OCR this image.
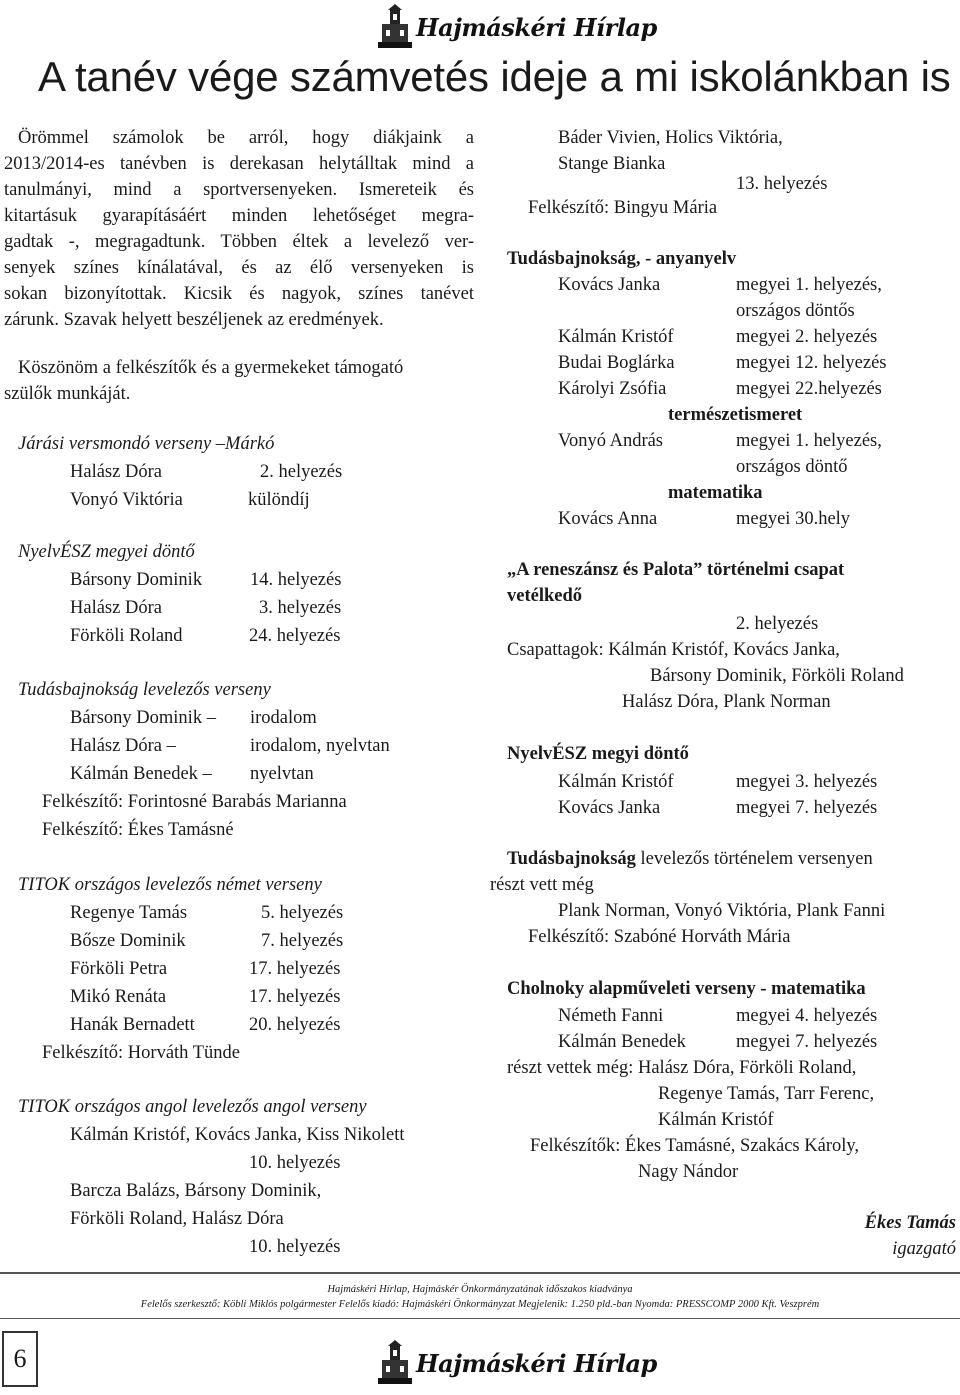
Hajmáskéri Hírlap
A tanév vége számvetés ideje a mi iskolánkban is
Örömmel számolok be arról, hogy diákjaink a
2013/2014-es tanévben is derekasan helytálltak mind a
tanulmányi, mind a sportversenyeken. Ismereteik és
kitartásuk gyarapításáért minden lehetőséget megra-
gadtak -, megragadtunk. Többen éltek a levelező ver-
senyek színes kínálatával, és az élő versenyeken is
sokan bizonyítottak. Kicsik és nagyok, színes tanévet
zárunk. Szavak helyett beszéljenek az eredmények.
Köszönöm a felkészítők és a gyermekeket támogató
szülők munkáját.
Járási versmondó verseny –Márkó
Halász Dóra	2. helyezés
Vonyó Viktória	különdíj
NyelvÉSZ megyei döntő
Bársony Dominik	14. helyezés
Halász Dóra	3. helyezés
Förköli Roland	24. helyezés
Tudásbajnokság levelezős verseny
Bársony Dominik – irodalom
Halász Dóra –	irodalom, nyelvtan
Kálmán Benedek – nyelvtan
Felkészítő: Forintosné Barabás Marianna
Felkészítő: Ékes Tamásné
TITOK országos levelezős német verseny
Regenye Tamás	5. helyezés
Bősze Dominik	7. helyezés
Förköli Petra	17. helyezés
Mikó Renáta	17. helyezés
Hanák Bernadett	20. helyezés
Felkészítő: Horváth Tünde
TITOK országos angol levelezős angol verseny
Kálmán Kristóf, Kovács Janka, Kiss Nikolett
10. helyezés
Barcza Balázs, Bársony Dominik,
Förköli Roland, Halász Dóra
10. helyezés
Báder Vivien, Holics Viktória,
Stange Bianka
13. helyezés
Felkészítő: Bingyu Mária
Tudásbajnokság, - anyanyelv
Kovács Janka	megyei 1. helyezés,
országos döntős
Kálmán Kristóf	megyei 2. helyezés
Budai Boglárka	megyei 12. helyezés
Károlyi Zsófia	megyei 22.helyezés
természetismeret
Vonyó András	megyei 1. helyezés,
országos döntő
matematika
Kovács Anna	megyei 30.hely
„A reneszánsz és Palota” történelmi csapat
vetélkedő
2. helyezés
Csapattagok: Kálmán Kristóf, Kovács Janka,
Bársony Dominik, Förköli Roland
Halász Dóra, Plank Norman
NyelvÉSZ megyi döntő
Kálmán Kristóf	megyei 3. helyezés
Kovács Janka	megyei 7. helyezés
Tudásbajnokság levelezős történelem versenyen
részt vett még
Plank Norman, Vonyó Viktória, Plank Fanni
Felkészítő: Szabóné Horváth Mária
Cholnoky alapműveleti verseny - matematika
Németh Fanni	megyei 4. helyezés
Kálmán Benedek	megyei 7. helyezés
részt vettek még: Halász Dóra, Förköli Roland,
Regenye Tamás, Tarr Ferenc,
Kálmán Kristóf
Felkészítők: Ékes Tamásné, Szakács Károly,
Nagy Nándor
Ékes Tamás
igazgató
Hajmáskéri Hírlap, Hajmáskér Önkormányzatának időszakos kiadványa
Felelős szerkesztő: Köbli Miklós polgármester Felelős kiadó: Hajmáskéri Önkormányzat Megjelenik: 1.250 pld.-ban Nyomda: PRESSCOMP 2000 Kft. Veszprém
6	Hajmáskéri Hírlap
